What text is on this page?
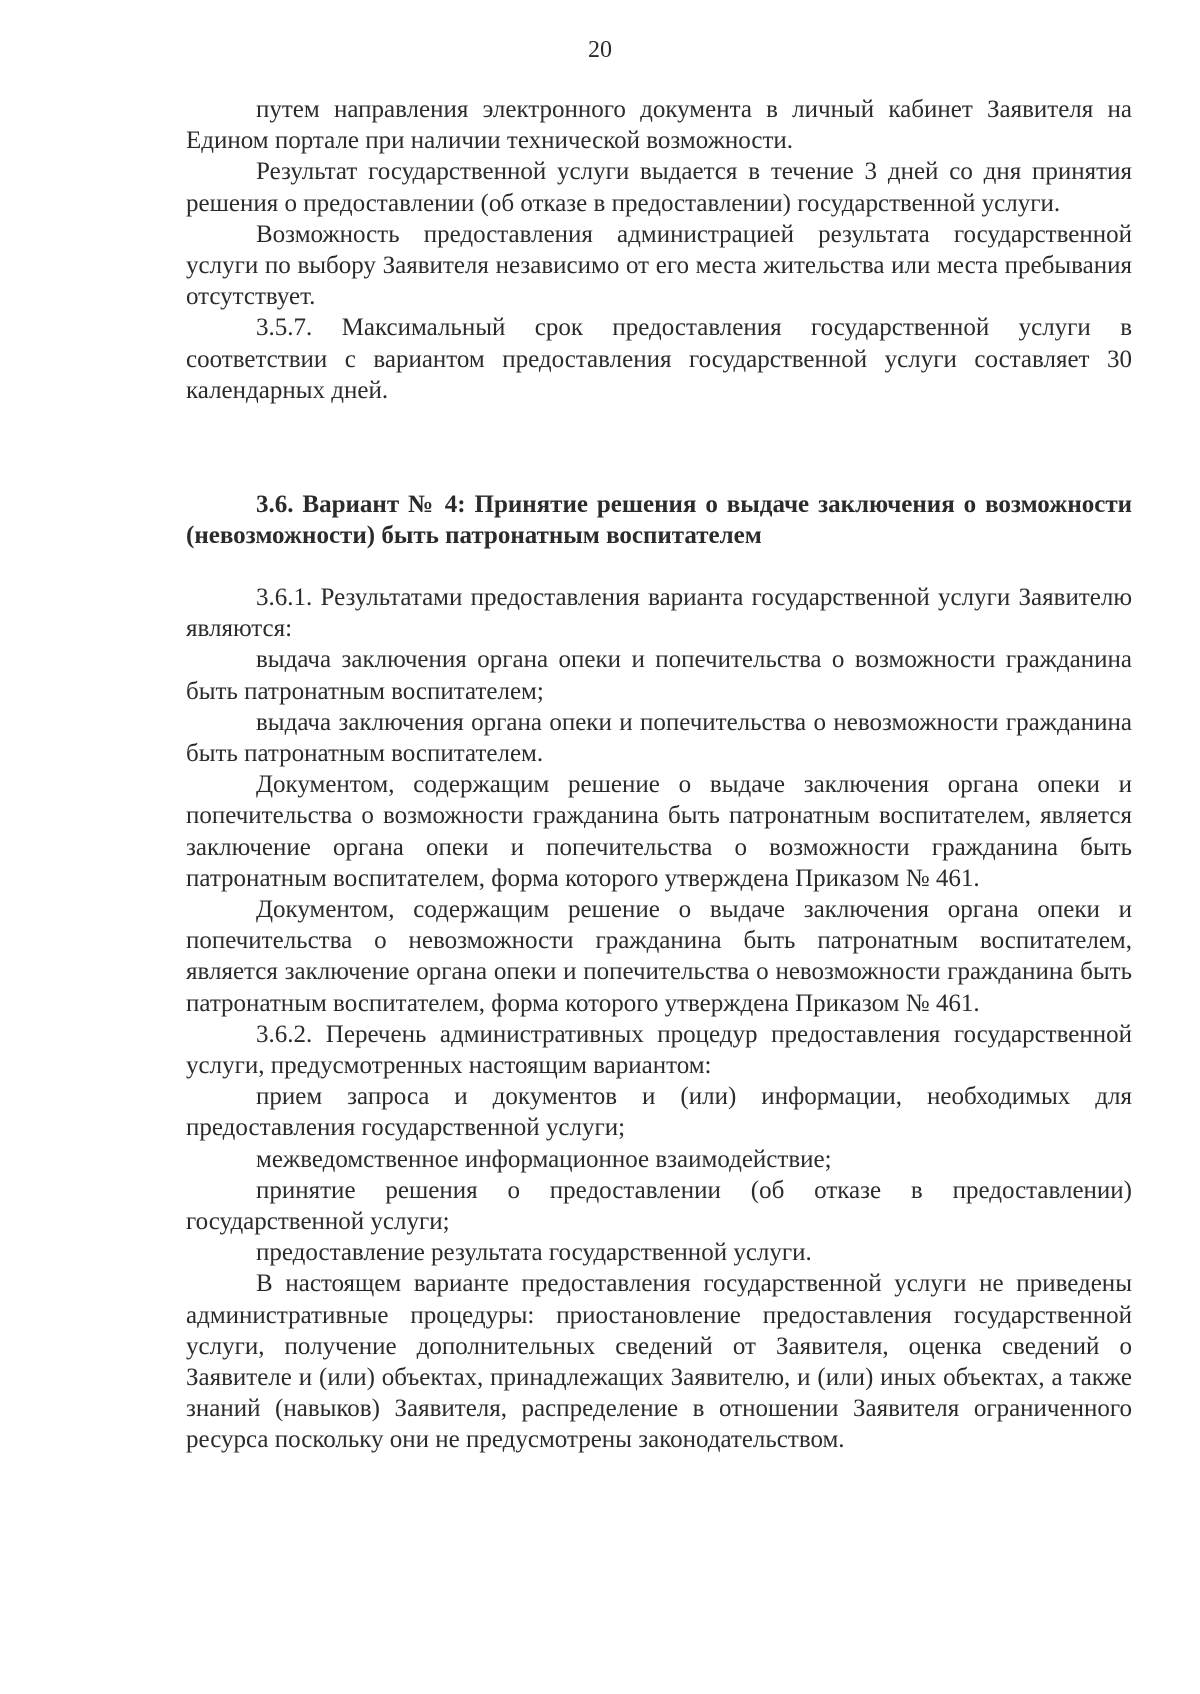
20

путем направления электронного документа в личный кабинет Заявителя на Едином портале при наличии технической возможности.

Результат государственной услуги выдается в течение 3 дней со дня принятия решения о предоставлении (об отказе в предоставлении) государственной услуги.

Возможность предоставления администрацией результата государственной услуги по выбору Заявителя независимо от его места жительства или места пребывания отсутствует.

3.5.7. Максимальный срок предоставления государственной услуги в соответствии с вариантом предоставления государственной услуги составляет 30 календарных дней.

3.6. Вариант № 4: Принятие решения о выдаче заключения о возможности (невозможности) быть патронатным воспитателем

3.6.1. Результатами предоставления варианта государственной услуги Заявителю являются:

выдача заключения органа опеки и попечительства о возможности гражданина быть патронатным воспитателем;

выдача заключения органа опеки и попечительства о невозможности гражданина быть патронатным воспитателем.

Документом, содержащим решение о выдаче заключения органа опеки и попечительства о возможности гражданина быть патронатным воспитателем, является заключение органа опеки и попечительства о возможности гражданина быть патронатным воспитателем, форма которого утверждена Приказом № 461.

Документом, содержащим решение о выдаче заключения органа опеки и попечительства о невозможности гражданина быть патронатным воспитателем, является заключение органа опеки и попечительства о невозможности гражданина быть патронатным воспитателем, форма которого утверждена Приказом № 461.

3.6.2. Перечень административных процедур предоставления государственной услуги, предусмотренных настоящим вариантом:

прием запроса и документов и (или) информации, необходимых для предоставления государственной услуги;

межведомственное информационное взаимодействие;

принятие решения о предоставлении (об отказе в предоставлении) государственной услуги;

предоставление результата государственной услуги.

В настоящем варианте предоставления государственной услуги не приведены административные процедуры: приостановление предоставления государственной услуги, получение дополнительных сведений от Заявителя, оценка сведений о Заявителе и (или) объектах, принадлежащих Заявителю, и (или) иных объектах, а также знаний (навыков) Заявителя, распределение в отношении Заявителя ограниченного ресурса поскольку они не предусмотрены законодательством.
